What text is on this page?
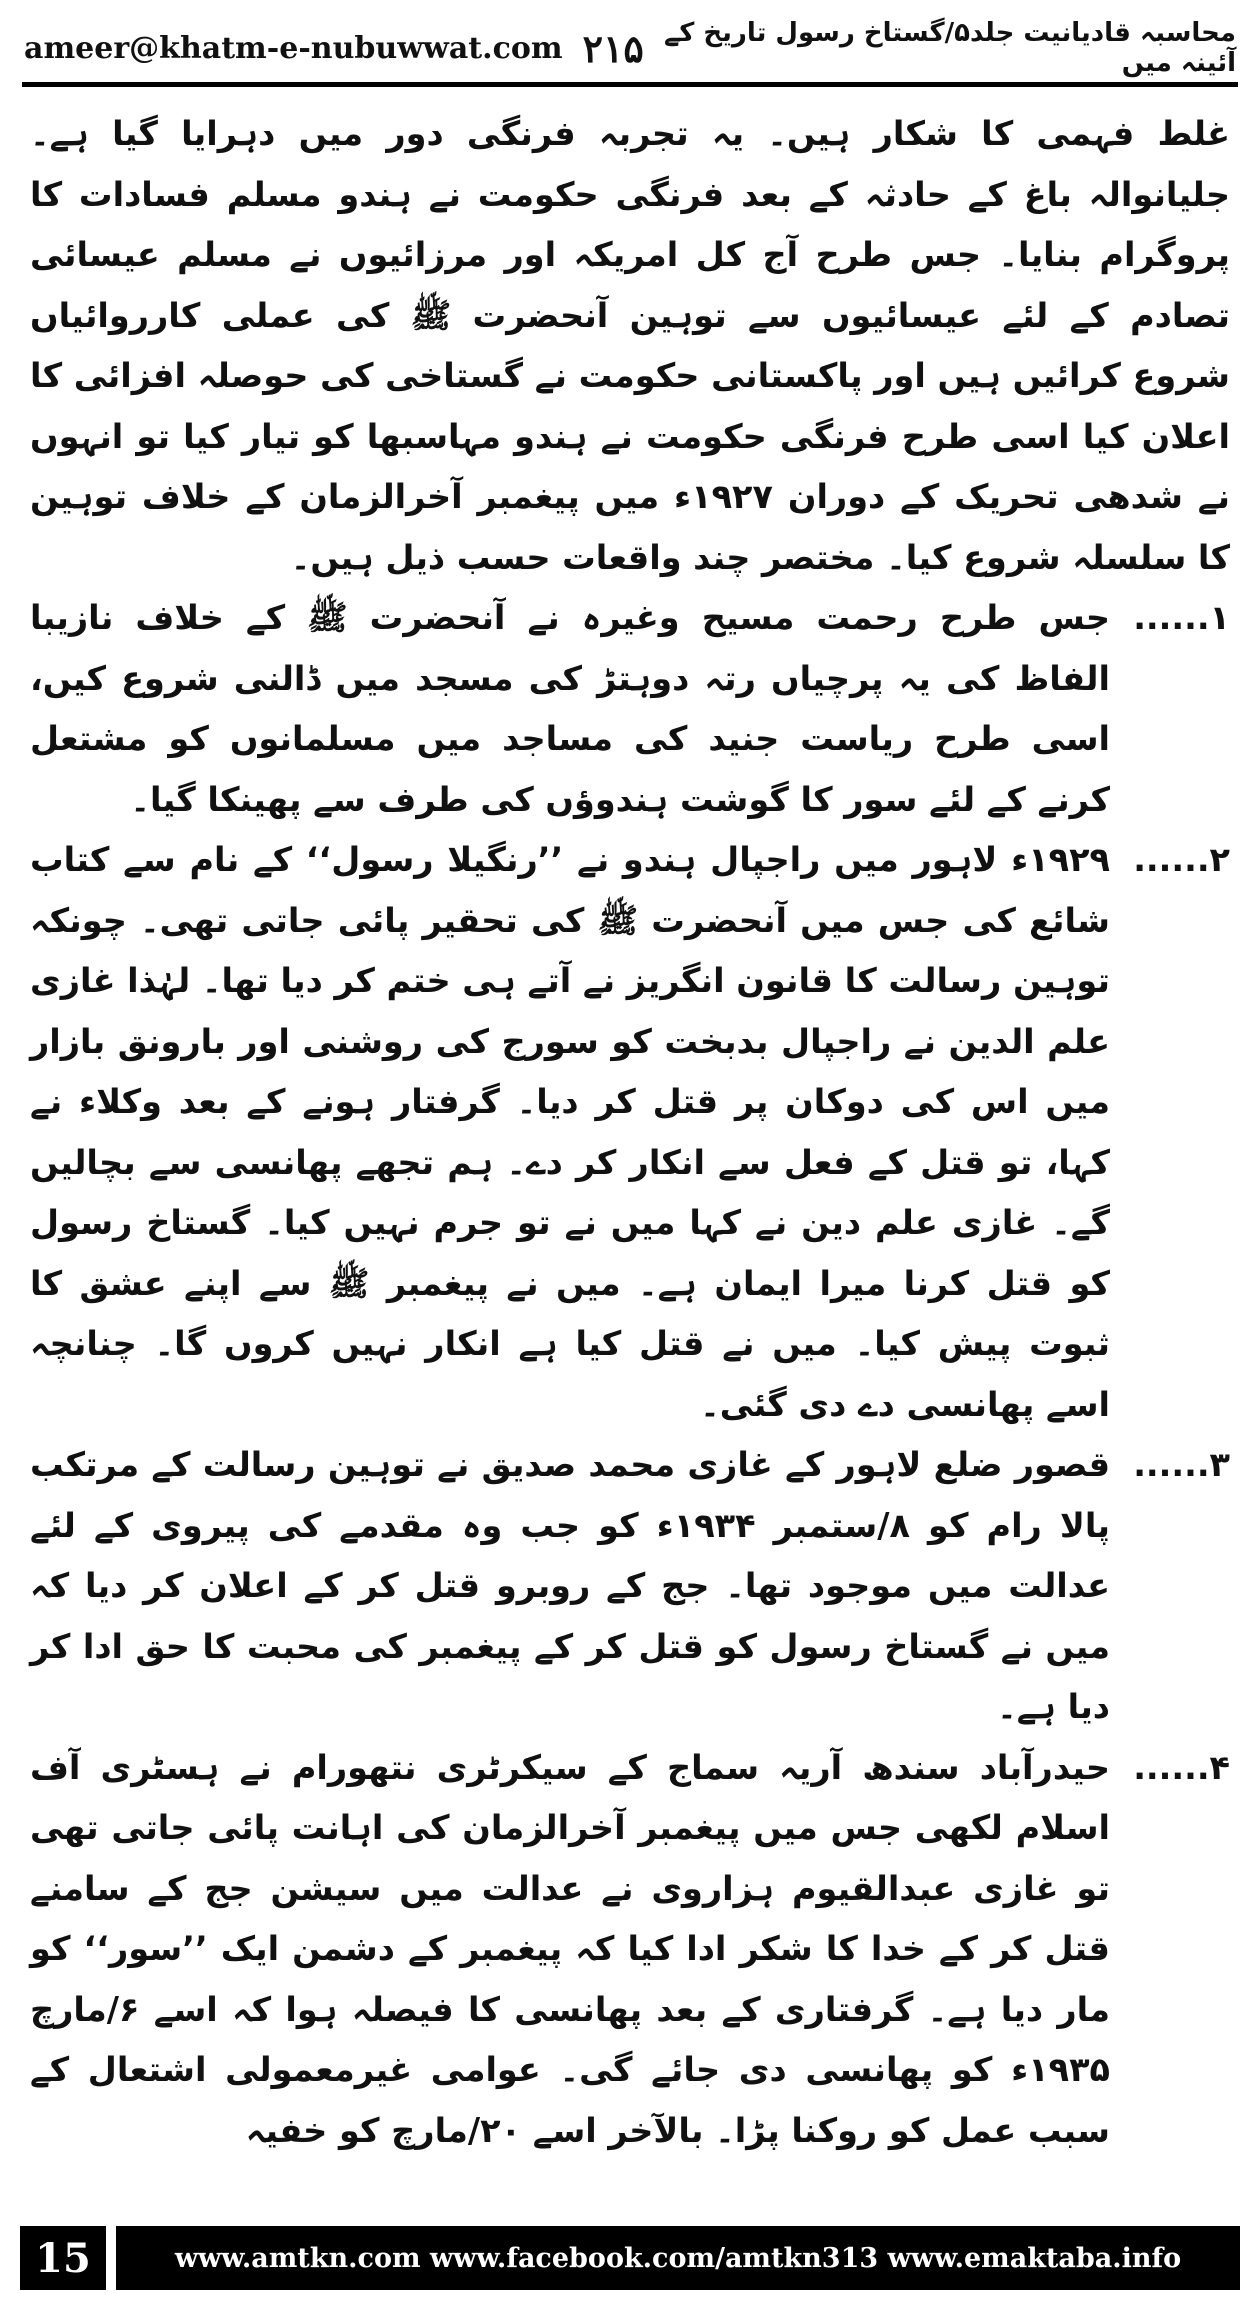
ameer@khatm-e-nubuwwat.com ۲۱۵ محاسبہ قادیانیت جلد۵/گستاخ رسول تاریخ کے آئینہ میں

غلط فہمی کا شکار ہیں۔ یہ تجربہ فرنگی دور میں دہرایا گیا ہے۔ جلیانوالہ باغ کے حادثہ کے بعد فرنگی حکومت نے ہندو مسلم فسادات کا پروگرام بنایا۔ جس طرح آج کل امریکہ اور مرزائیوں نے مسلم عیسائی تصادم کے لئے عیسائیوں سے توہین آنحضرت ﷺ کی عملی کارروائیاں شروع کرائیں ہیں اور پاکستانی حکومت نے گستاخی کی حوصلہ افزائی کا اعلان کیا اسی طرح فرنگی حکومت نے ہندو مہاسبھا کو تیار کیا تو انہوں نے شدھی تحریک کے دوران ۱۹۲۷ء میں پیغمبر آخرالزمان کے خلاف توہین کا سلسلہ شروع کیا۔ مختصر چند واقعات حسب ذیل ہیں۔

۱......

جس طرح رحمت مسیح وغیرہ نے آنحضرت ﷺ کے خلاف نازیبا الفاظ کی یہ پرچیاں رتہ دوہتڑ کی مسجد میں ڈالنی شروع کیں، اسی طرح ریاست جنید کی مساجد میں مسلمانوں کو مشتعل کرنے کے لئے سور کا گوشت ہندوؤں کی طرف سے پھینکا گیا۔

۲......

۱۹۲۹ء لاہور میں راجپال ہندو نے ’’رنگیلا رسول‘‘ کے نام سے کتاب شائع کی جس میں آنحضرت ﷺ کی تحقیر پائی جاتی تھی۔ چونکہ توہین رسالت کا قانون انگریز نے آتے ہی ختم کر دیا تھا۔ لہٰذا غازی علم الدین نے راجپال بدبخت کو سورج کی روشنی اور بارونق بازار میں اس کی دوکان پر قتل کر دیا۔ گرفتار ہونے کے بعد وکلاء نے کہا، تو قتل کے فعل سے انکار کر دے۔ ہم تجھے پھانسی سے بچالیں گے۔ غازی علم دین نے کہا میں نے تو جرم نہیں کیا۔ گستاخ رسول کو قتل کرنا میرا ایمان ہے۔ میں نے پیغمبر ﷺ سے اپنے عشق کا ثبوت پیش کیا۔ میں نے قتل کیا ہے انکار نہیں کروں گا۔ چنانچہ اسے پھانسی دے دی گئی۔

۳......

قصور ضلع لاہور کے غازی محمد صدیق نے توہین رسالت کے مرتکب پالا رام کو ۸/ستمبر ۱۹۳۴ء کو جب وہ مقدمے کی پیروی کے لئے عدالت میں موجود تھا۔ جج کے روبرو قتل کر کے اعلان کر دیا کہ میں نے گستاخ رسول کو قتل کر کے پیغمبر کی محبت کا حق ادا کر دیا ہے۔

۴......

حیدرآباد سندھ آریہ سماج کے سیکرٹری نتھورام نے ہسٹری آف اسلام لکھی جس میں پیغمبر آخرالزمان کی اہانت پائی جاتی تھی تو غازی عبدالقیوم ہزاروی نے عدالت میں سیشن جج کے سامنے قتل کر کے خدا کا شکر ادا کیا کہ پیغمبر کے دشمن ایک ’’سور‘‘ کو مار دیا ہے۔ گرفتاری کے بعد پھانسی کا فیصلہ ہوا کہ اسے ۶/مارچ ۱۹۳۵ء کو پھانسی دی جائے گی۔ عوامی غیرمعمولی اشتعال کے سبب عمل کو روکنا پڑا۔ بالآخر اسے ۲۰/مارچ کو خفیہ

15	www.amtkn.com www.facebook.com/amtkn313 www.emaktaba.info
